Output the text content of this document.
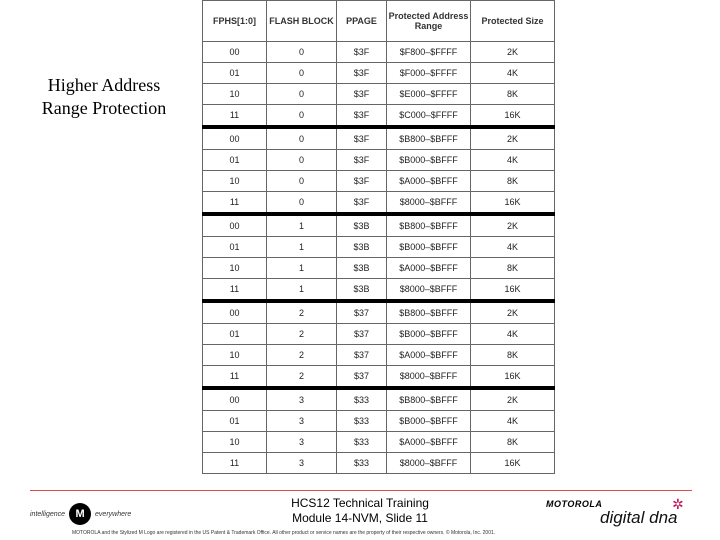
Higher Address
Range Protection
FPHS[1:0]	FLASH BLOCK	PPAGE	Protected Address Range	Protected Size
00	0	$3F	$F800–$FFFF	2K
01	0	$3F	$F000–$FFFF	4K
10	0	$3F	$E000–$FFFF	8K
11	0	$3F	$C000–$FFFF	16K
00	0	$3F	$B800–$BFFF	2K
01	0	$3F	$B000–$BFFF	4K
10	0	$3F	$A000–$BFFF	8K
11	0	$3F	$8000–$BFFF	16K
00	1	$3B	$B800–$BFFF	2K
01	1	$3B	$B000–$BFFF	4K
10	1	$3B	$A000–$BFFF	8K
11	1	$3B	$8000–$BFFF	16K
00	2	$37	$B800–$BFFF	2K
01	2	$37	$B000–$BFFF	4K
10	2	$37	$A000–$BFFF	8K
11	2	$37	$8000–$BFFF	16K
00	3	$33	$B800–$BFFF	2K
01	3	$33	$B000–$BFFF	4K
10	3	$33	$A000–$BFFF	8K
11	3	$33	$8000–$BFFF	16K
intelligence M	everywhere
HCS12 Technical Training
Module 14-NVM, Slide 11
MOTOROLA
digital dna
✲
MOTOROLA and the Stylized M Logo are registered in the US Patent & Trademark Office. All other product or service names are the property of their respective owners. © Motorola, Inc. 2001.
